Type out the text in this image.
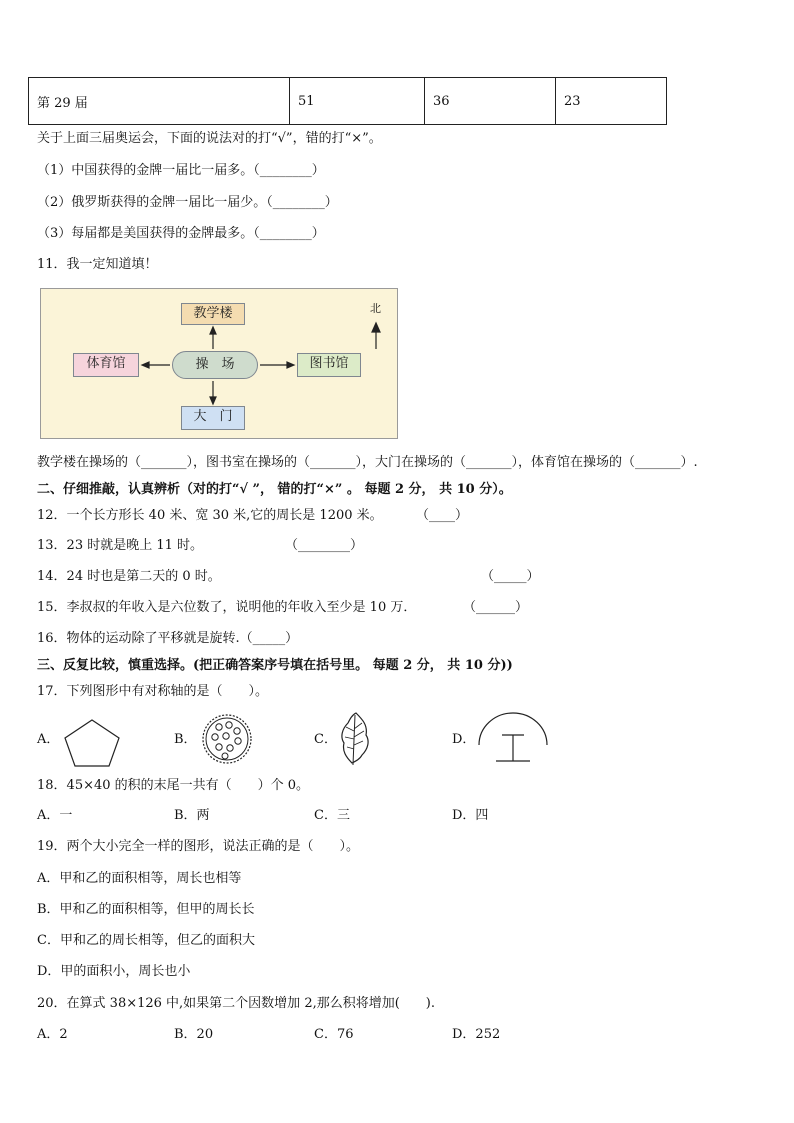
第 29 届	51	36	23
关于上面三届奥运会，下面的说法对的打“√”，错的打“×”。
（1）中国获得的金牌一届比一届多。（________）
（2）俄罗斯获得的金牌一届比一届少。（________）
（3）每届都是美国获得的金牌最多。（________）
11．我一定知道填！
教学楼
体育馆	操　场	图书馆
大　门
北
教学楼在操场的（_______），图书室在操场的（_______），大门在操场的（_______），体育馆在操场的（_______）.
二、仔细推敲，认真辨析（对的打“√ ”， 错的打“×” 。 每题 2 分， 共 10 分）。
12．一个长方形长 40 米、宽 30 米,它的周长是 1200 米。	（____）
13．23 时就是晚上 11 时。	（________）
14．24 时也是第二天的 0 时。	（_____）
15．李叔叔的年收入是六位数了，说明他的年收入至少是 10 万．	（______）
16．物体的运动除了平移就是旋转.（_____）
三、反复比较，慎重选择。(把正确答案序号填在括号里。 每题 2 分， 共 10 分))
17．下列图形中有对称轴的是（　　）。
A．	B．	C．	D．
18．45×40 的积的末尾一共有（　　）个 0。
A．一	B．两	C．三	D．四
19．两个大小完全一样的图形，说法正确的是（　　）。
A．甲和乙的面积相等，周长也相等
B．甲和乙的面积相等，但甲的周长长
C．甲和乙的周长相等，但乙的面积大
D．甲的面积小，周长也小
20．在算式 38×126 中,如果第二个因数增加 2,那么积将增加(　　).
A．2	B．20	C．76	D．252
